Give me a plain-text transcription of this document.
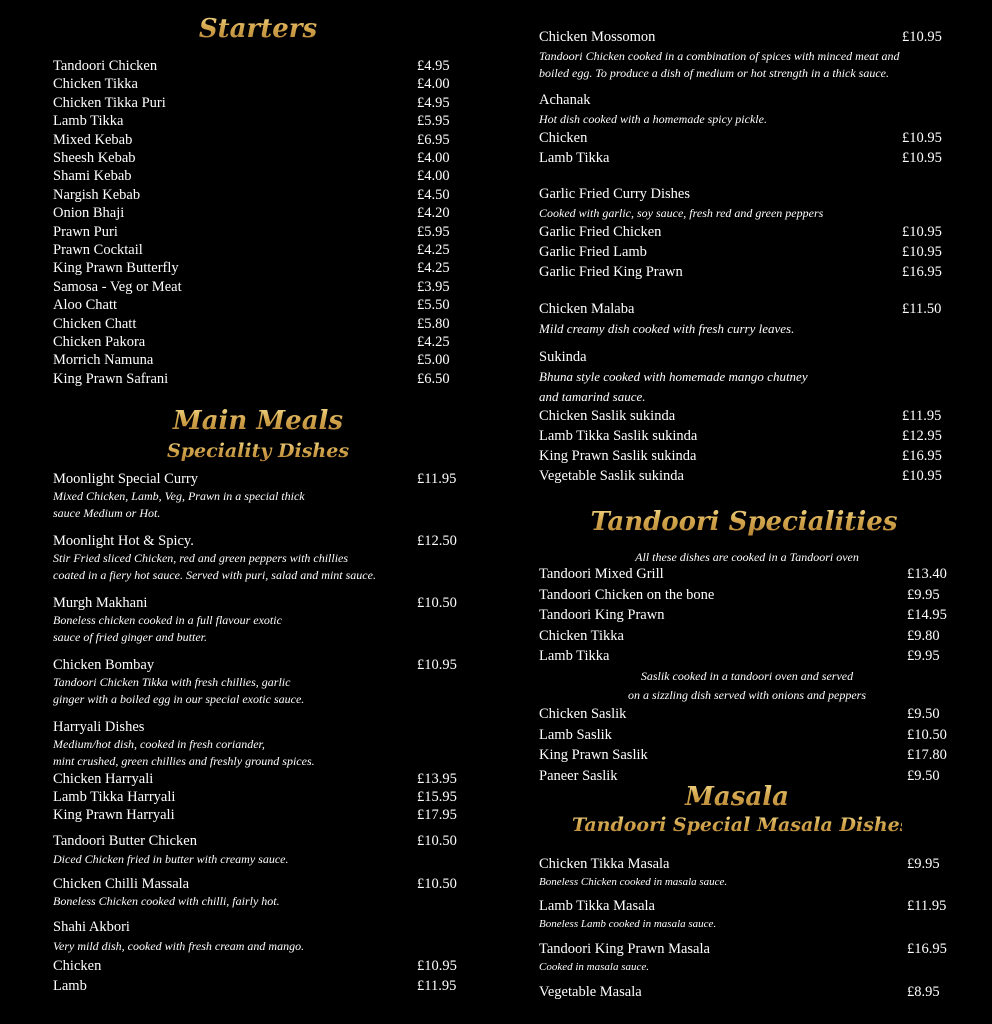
Starters
Tandoori Chicken	£4.95
Chicken Tikka	£4.00
Chicken Tikka Puri	£4.95
Lamb Tikka	£5.95
Mixed Kebab	£6.95
Sheesh Kebab	£4.00
Shami Kebab	£4.00
Nargish Kebab	£4.50
Onion Bhaji	£4.20
Prawn Puri	£5.95
Prawn Cocktail	£4.25
King Prawn Butterfly	£4.25
Samosa - Veg or Meat	£3.95
Aloo Chatt	£5.50
Chicken Chatt	£5.80
Chicken Pakora	£4.25
Morrich Namuna	£5.00
King Prawn Safrani	£6.50
Main Meals
Speciality Dishes
Moonlight Special Curry	£11.95
Mixed Chicken, Lamb, Veg, Prawn in a special thick
sauce Medium or Hot.
Moonlight Hot & Spicy.	£12.50
Stir Fried sliced Chicken, red and green peppers with chillies
coated in a fiery hot sauce. Served with puri, salad and mint sauce.
Murgh Makhani	£10.50
Boneless chicken cooked in a full flavour exotic
sauce of fried ginger and butter.
Chicken Bombay	£10.95
Tandoori Chicken Tikka with fresh chillies, garlic
ginger with a boiled egg in our special exotic sauce.
Harryali Dishes
Medium/hot dish, cooked in fresh coriander,
mint crushed, green chillies and freshly ground spices.
Chicken Harryali	£13.95
Lamb Tikka Harryali	£15.95
King Prawn Harryali	£17.95
Tandoori Butter Chicken	£10.50
Diced Chicken fried in butter with creamy sauce.
Chicken Chilli Massala	£10.50
Boneless Chicken cooked with chilli, fairly hot.
Shahi Akbori
Very mild dish, cooked with fresh cream and mango.
Chicken	£10.95
Lamb	£11.95
Chicken Mossomon	£10.95
Tandoori Chicken cooked in a combination of spices with minced meat and
boiled egg. To produce a dish of medium or hot strength in a thick sauce.
Achanak
Hot dish cooked with a homemade spicy pickle.
Chicken	£10.95
Lamb Tikka	£10.95
Garlic Fried Curry Dishes
Cooked with garlic, soy sauce, fresh red and green peppers
Garlic Fried Chicken	£10.95
Garlic Fried Lamb	£10.95
Garlic Fried King Prawn	£16.95
Chicken Malaba	£11.50
Mild creamy dish cooked with fresh curry leaves.
Sukinda
Bhuna style cooked with homemade mango chutney
and tamarind sauce.
Chicken Saslik sukinda	£11.95
Lamb Tikka Saslik sukinda	£12.95
King Prawn Saslik sukinda	£16.95
Vegetable Saslik sukinda	£10.95
Tandoori Specialities
All these dishes are cooked in a Tandoori oven
Tandoori Mixed Grill	£13.40
Tandoori Chicken on the bone	£9.95
Tandoori King Prawn	£14.95
Chicken Tikka	£9.80
Lamb Tikka	£9.95
Saslik cooked in a tandoori oven and served
on a sizzling dish served with onions and peppers
Chicken Saslik	£9.50
Lamb Saslik	£10.50
King Prawn Saslik	£17.80
Paneer Saslik	£9.50
Masala
Tandoori Special Masala Dishes
Chicken Tikka Masala	£9.95
Boneless Chicken cooked in masala sauce.
Lamb Tikka Masala	£11.95
Boneless Lamb cooked in masala sauce.
Tandoori King Prawn Masala	£16.95
Cooked in masala sauce.
Vegetable Masala	£8.95
